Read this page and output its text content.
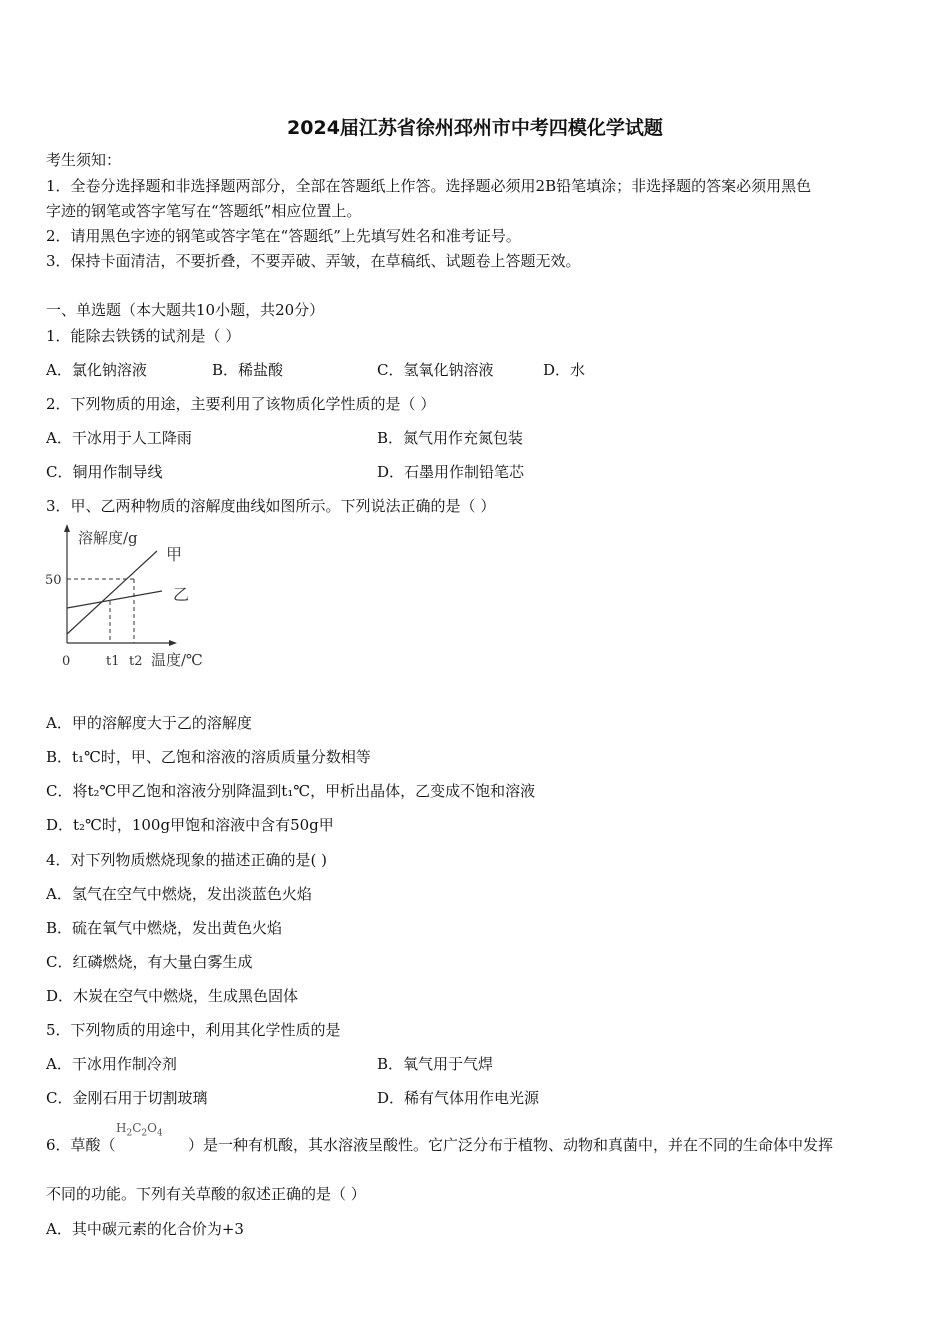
2024届江苏省徐州邳州市中考四模化学试题
考生须知：
1．全卷分选择题和非选择题两部分，全部在答题纸上作答。选择题必须用2B铅笔填涂；非选择题的答案必须用黑色
字迹的钢笔或答字笔写在“答题纸”相应位置上。
2．请用黑色字迹的钢笔或答字笔在“答题纸”上先填写姓名和准考证号。
3．保持卡面清洁，不要折叠，不要弄破、弄皱，在草稿纸、试题卷上答题无效。
一、单选题（本大题共10小题，共20分）
1．能除去铁锈的试剂是（ ）
A．氯化钠溶液	B．稀盐酸	C．氢氧化钠溶液	D．水
2．下列物质的用途，主要利用了该物质化学性质的是（ ）
A．干冰用于人工降雨	B．氮气用作充氮包装
C．铜用作制导线	D．石墨用作制铅笔芯
3．甲、乙两种物质的溶解度曲线如图所示。下列说法正确的是（ ）
溶解度/g
50
0	t1 t2 温度/℃
甲
乙
A．甲的溶解度大于乙的溶解度
B．t₁℃时，甲、乙饱和溶液的溶质质量分数相等
C．将t₂℃甲乙饱和溶液分别降温到t₁℃，甲析出晶体，乙变成不饱和溶液
D．t₂℃时，100g甲饱和溶液中含有50g甲
4．对下列物质燃烧现象的描述正确的是( )
A．氢气在空气中燃烧，发出淡蓝色火焰
B．硫在氧气中燃烧，发出黄色火焰
C．红磷燃烧，有大量白雾生成
D．木炭在空气中燃烧，生成黑色固体
5．下列物质的用途中，利用其化学性质的是
A．干冰用作制冷剂	B．氧气用于气焊
C．金刚石用于切割玻璃	D．稀有气体用作电光源
6．草酸（
$H_2C_2O_4$
）是一种有机酸，其水溶液呈酸性。它广泛分布于植物、动物和真菌中，并在不同的生命体中发挥
不同的功能。下列有关草酸的叙述正确的是（ ）
A．其中碳元素的化合价为+3
